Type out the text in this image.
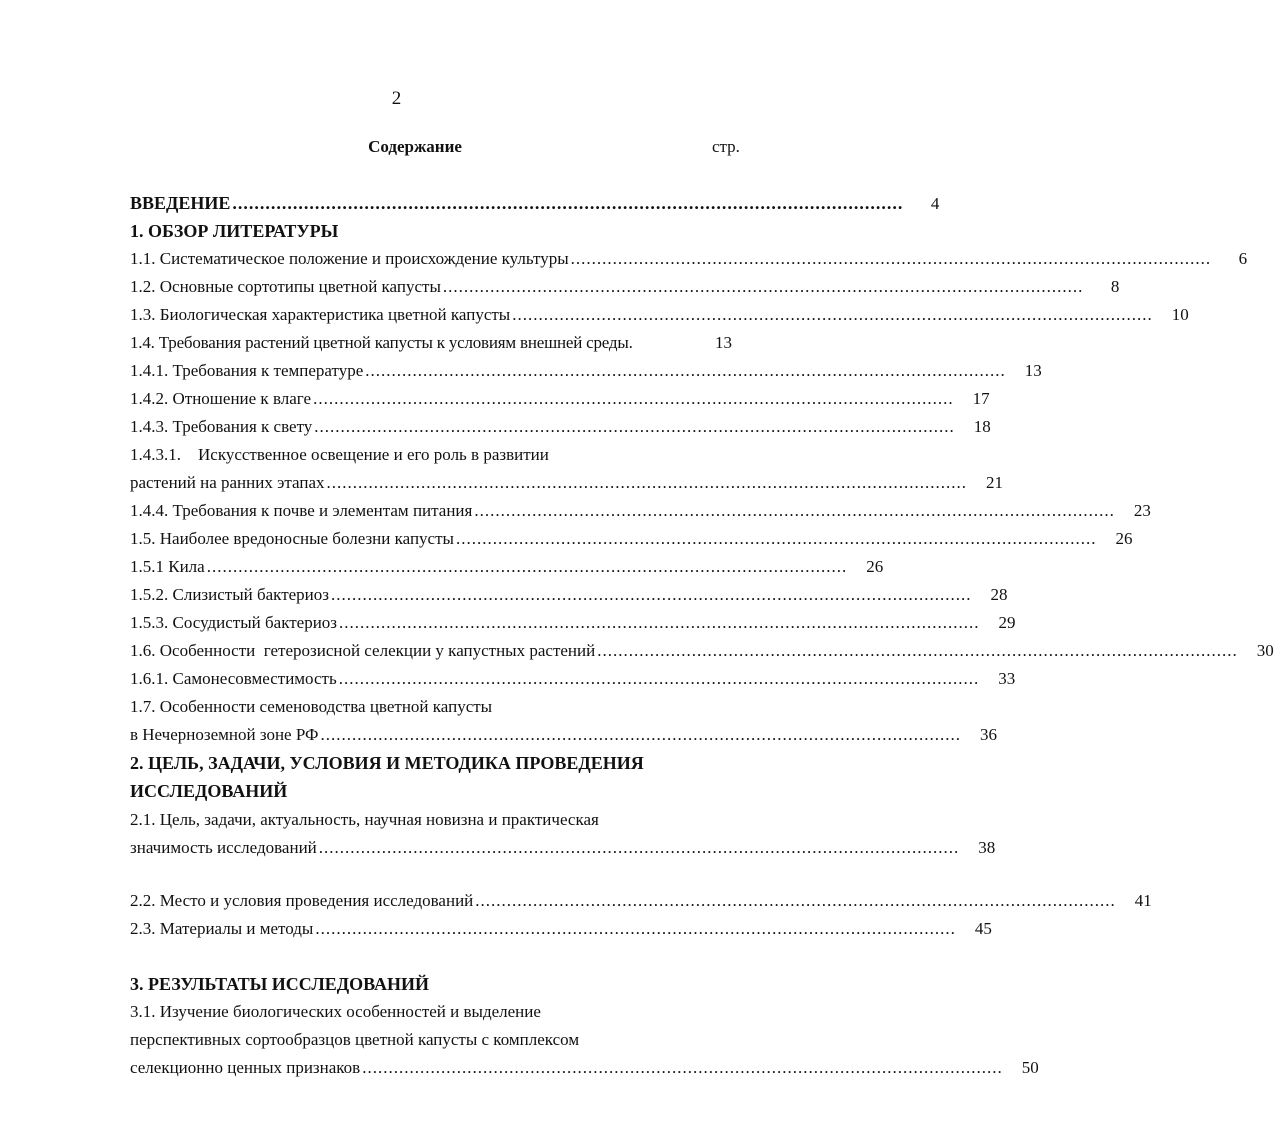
2
Содержание	стр.
ВВЕДЕНИЕ ..........................................................................................................................	4
1. ОБЗОР ЛИТЕРАТУРЫ
1.1. Систематическое положение и происхождение культуры ..........................................................................................................................	6
1.2. Основные сортотипы цветной капусты ..........................................................................................................................	8
1.3. Биологическая характеристика цветной капусты ..........................................................................................................................	10
1.4. Требования растений цветной капусты к условиям внешней среды.	13
1.4.1. Требования к температуре ..........................................................................................................................	13
1.4.2. Отношение к влаге ..........................................................................................................................	17
1.4.3. Требования к свету ..........................................................................................................................	18
1.4.3.1.    Искусственное освещение и его роль в развитии
растений на ранних этапах ..........................................................................................................................	21
1.4.4. Требования к почве и элементам питания ..........................................................................................................................	23
1.5. Наиболее вредоносные болезни капусты ..........................................................................................................................	26
1.5.1 Кила ..........................................................................................................................	26
1.5.2. Слизистый бактериоз ..........................................................................................................................	28
1.5.3. Сосудистый бактериоз ..........................................................................................................................	29
1.6. Особенности  гетерозисной селекции у капустных растений ..........................................................................................................................	30
1.6.1. Самонесовместимость ..........................................................................................................................	33
1.7. Особенности семеноводства цветной капусты
в Нечерноземной зоне РФ ..........................................................................................................................	36
2. ЦЕЛЬ, ЗАДАЧИ, УСЛОВИЯ И МЕТОДИКА ПРОВЕДЕНИЯ
ИССЛЕДОВАНИЙ
2.1. Цель, задачи, актуальность, научная новизна и практическая
значимость исследований ..........................................................................................................................	38
2.2. Место и условия проведения исследований ..........................................................................................................................	41
2.3. Материалы и методы ..........................................................................................................................	45
3. РЕЗУЛЬТАТЫ ИССЛЕДОВАНИЙ
3.1. Изучение биологических особенностей и выделение
перспективных сортообразцов цветной капусты с комплексом
селекционно ценных признаков ..........................................................................................................................	50
